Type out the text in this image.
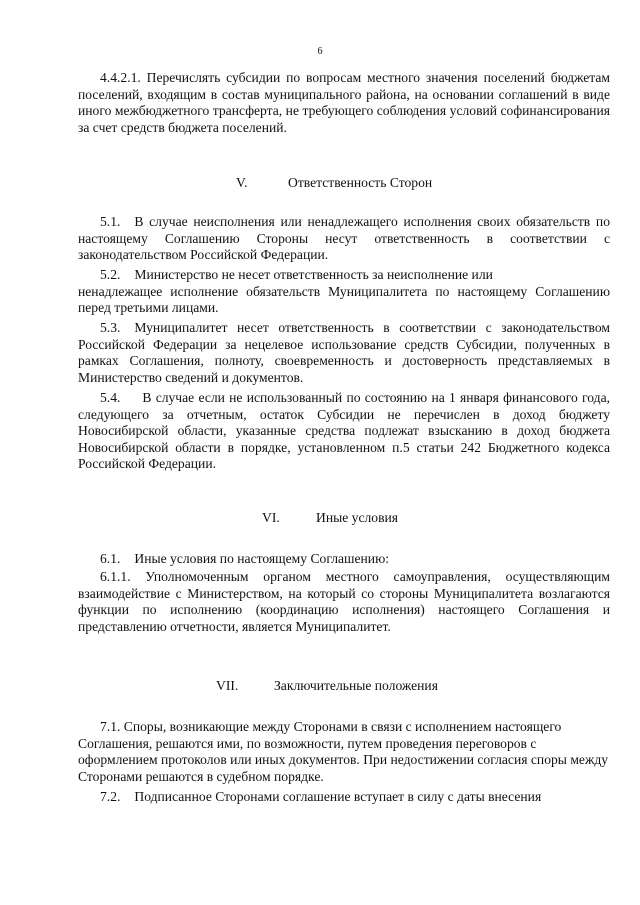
6

4.4.2.1. Перечислять субсидии по вопросам местного значения поселений бюджетам поселений, входящим в состав муниципального района, на основании соглашений в виде иного межбюджетного трансферта, не требующего соблюдения условий софинансирования за счет средств бюджета поселений.

V.	Ответственность Сторон

5.1. В случае неисполнения или ненадлежащего исполнения своих обязательств по настоящему Соглашению Стороны несут ответственность в соответствии с законодательством Российской Федерации.

5.2. Министерство не несет ответственность за неисполнение или

ненадлежащее исполнение обязательств Муниципалитета по настоящему Соглашению перед третьими лицами.

5.3. Муниципалитет несет ответственность в соответствии с законодательством Российской Федерации за нецелевое использование средств Субсидии, полученных в рамках Соглашения, полноту, своевременность и достоверность представляемых в Министерство сведений и документов.

5.4. В случае если не использованный по состоянию на 1 января финансового года, следующего за отчетным, остаток Субсидии не перечислен в доход бюджету Новосибирской области, указанные средства подлежат взысканию в доход бюджета Новосибирской области в порядке, установленном п.5 статьи 242 Бюджетного кодекса Российской Федерации.

VI.	Иные условия

6.1. Иные условия по настоящему Соглашению:

6.1.1. Уполномоченным органом местного самоуправления, осуществляющим взаимодействие с Министерством, на который со стороны Муниципалитета возлагаются функции по исполнению (координацию исполнения) настоящего Соглашения и представлению отчетности, является Муниципалитет.

VII.	Заключительные положения

7.1. Споры, возникающие между Сторонами в связи с исполнением настоящего Соглашения, решаются ими, по возможности, путем проведения переговоров с оформлением протоколов или иных документов. При недостижении согласия споры между Сторонами решаются в судебном порядке.

7.2. Подписанное Сторонами соглашение вступает в силу с даты внесения
